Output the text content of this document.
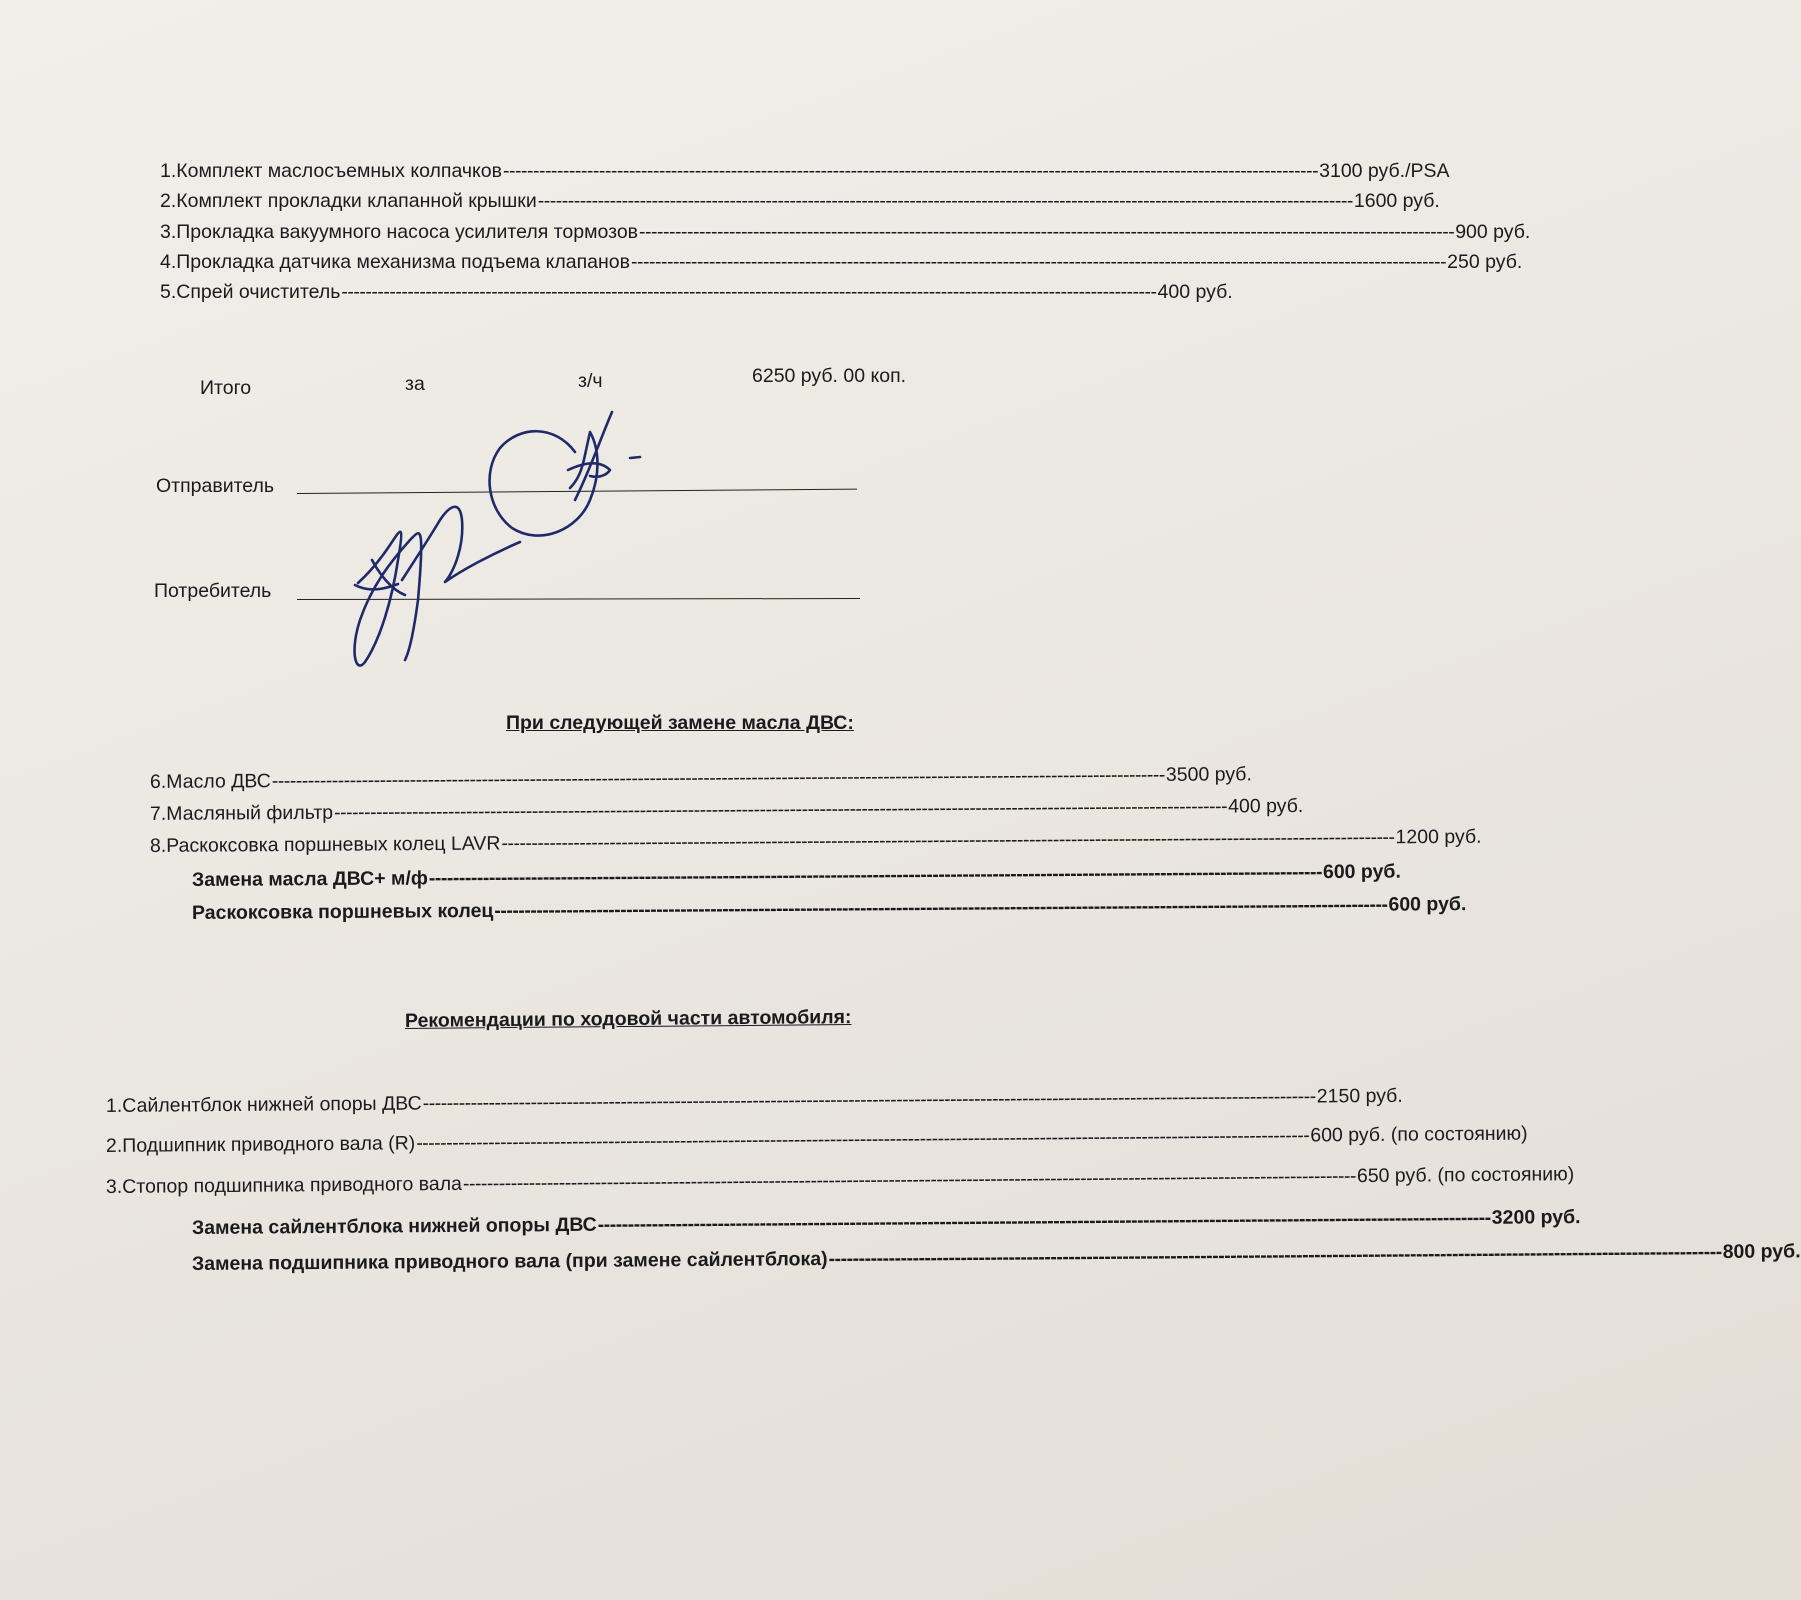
1. Комплект маслосъемных колпачков ---------------------------------------------------------------------------------------------------------------------------------------- 3100 руб./PSA
2. Комплект прокладки клапанной крышки ---------------------------------------------------------------------------------------------------------------------------------------- 1600 руб.
3. Прокладка вакуумного насоса усилителя тормозов ---------------------------------------------------------------------------------------------------------------------------------------- 900 руб.
4. Прокладка датчика механизма подъема клапанов ---------------------------------------------------------------------------------------------------------------------------------------- 250 руб.
5. Спрей очиститель ---------------------------------------------------------------------------------------------------------------------------------------- 400 руб.
Итого	за	з/ч	6250 руб. 00 коп.
Отправитель
Потребитель
При следующей замене масла ДВС:
6. Масло ДВС ----------------------------------------------------------------------------------------------------------------------------------------------------- 3500 руб.
7. Масляный фильтр ----------------------------------------------------------------------------------------------------------------------------------------------------- 400 руб.
8. Раскоксовка поршневых колец LAVR ----------------------------------------------------------------------------------------------------------------------------------------------------- 1200 руб.
Замена масла ДВС+ м/ф ----------------------------------------------------------------------------------------------------------------------------------------------------- 600 руб.
Раскоксовка поршневых колец ----------------------------------------------------------------------------------------------------------------------------------------------------- 600 руб.
Рекомендации по ходовой части автомобиля:
1. Сайлентблок нижней опоры ДВС ----------------------------------------------------------------------------------------------------------------------------------------------------- 2150 руб.
2. Подшипник приводного вала (R) ----------------------------------------------------------------------------------------------------------------------------------------------------- 600 руб. (по состоянию)
3. Стопор подшипника приводного вала ----------------------------------------------------------------------------------------------------------------------------------------------------- 650 руб. (по состоянию)
Замена сайлентблока нижней опоры ДВС ----------------------------------------------------------------------------------------------------------------------------------------------------- 3200 руб.
Замена подшипника приводного вала (при замене сайлентблока) ----------------------------------------------------------------------------------------------------------------------------------------------------- 800 руб.
